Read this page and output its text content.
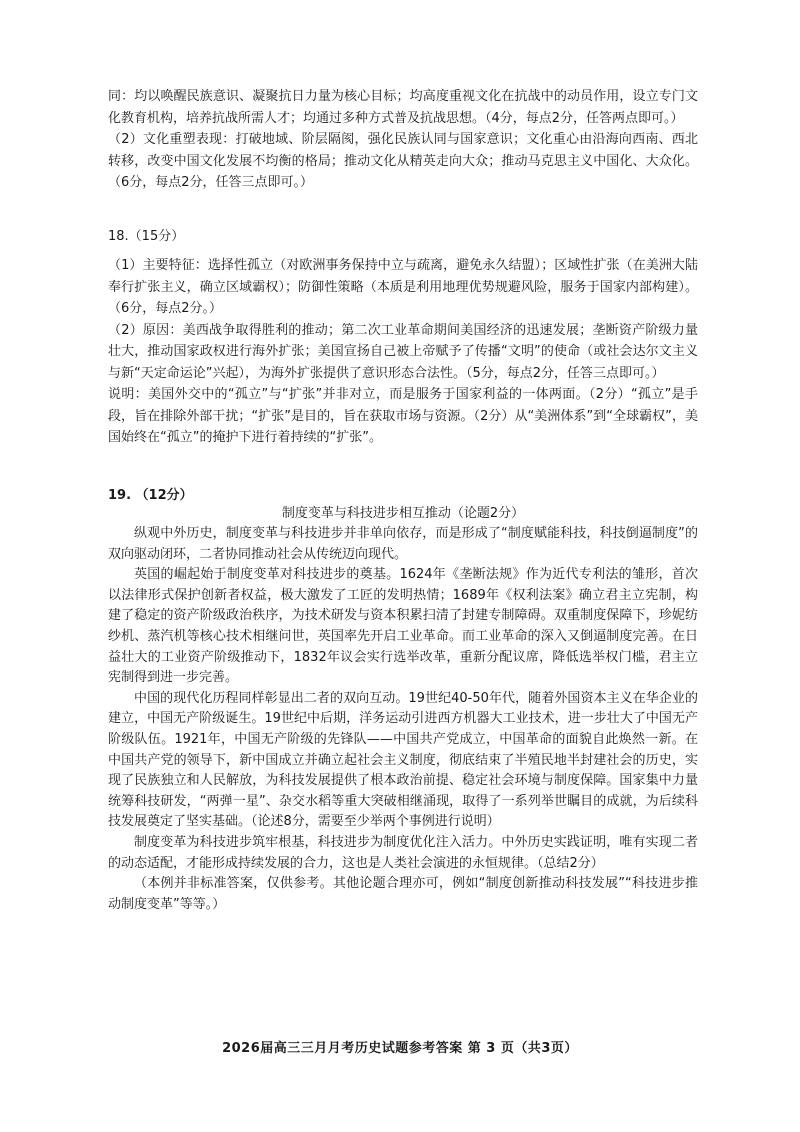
同：均以唤醒民族意识、凝聚抗日力量为核心目标；均高度重视文化在抗战中的动员作用，设立专门文化教育机构，培养抗战所需人才；均通过多种方式普及抗战思想。（4分，每点2分，任答两点即可。）

（2）文化重塑表现：打破地域、阶层隔阂，强化民族认同与国家意识；文化重心由沿海向西南、西北转移，改变中国文化发展不均衡的格局；推动文化从精英走向大众；推动马克思主义中国化、大众化。（6分，每点2分，任答三点即可。）

18.（15分）

（1）主要特征：选择性孤立（对欧洲事务保持中立与疏离，避免永久结盟）；区域性扩张（在美洲大陆奉行扩张主义，确立区域霸权）；防御性策略（本质是利用地理优势规避风险，服务于国家内部构建）。（6分，每点2分。）

（2）原因：美西战争取得胜利的推动；第二次工业革命期间美国经济的迅速发展；垄断资产阶级力量壮大，推动国家政权进行海外扩张；美国宣扬自己被上帝赋予了传播“文明”的使命（或社会达尔文主义与新“天定命运论”兴起），为海外扩张提供了意识形态合法性。（5分，每点2分，任答三点即可。）

说明：美国外交中的“孤立”与“扩张”并非对立，而是服务于国家利益的一体两面。（2分）“孤立”是手段，旨在排除外部干扰；“扩张”是目的，旨在获取市场与资源。（2分）从“美洲体系”到“全球霸权”，美国始终在“孤立”的掩护下进行着持续的“扩张”。

19. （12分）

制度变革与科技进步相互推动（论题2分）

纵观中外历史，制度变革与科技进步并非单向依存，而是形成了“制度赋能科技，科技倒逼制度”的双向驱动闭环，二者协同推动社会从传统迈向现代。

英国的崛起始于制度变革对科技进步的奠基。1624年《垄断法规》作为近代专利法的雏形，首次以法律形式保护创新者权益，极大激发了工匠的发明热情；1689年《权利法案》确立君主立宪制，构建了稳定的资产阶级政治秩序，为技术研发与资本积累扫清了封建专制障碍。双重制度保障下，珍妮纺纱机、蒸汽机等核心技术相继问世，英国率先开启工业革命。而工业革命的深入又倒逼制度完善。在日益壮大的工业资产阶级推动下，1832年议会实行选举改革，重新分配议席，降低选举权门槛，君主立宪制得到进一步完善。

中国的现代化历程同样彰显出二者的双向互动。19世纪40-50年代，随着外国资本主义在华企业的建立，中国无产阶级诞生。19世纪中后期，洋务运动引进西方机器大工业技术，进一步壮大了中国无产阶级队伍。1921年，中国无产阶级的先锋队——中国共产党成立，中国革命的面貌自此焕然一新。在中国共产党的领导下，新中国成立并确立起社会主义制度，彻底结束了半殖民地半封建社会的历史，实现了民族独立和人民解放，为科技发展提供了根本政治前提、稳定社会环境与制度保障。国家集中力量统筹科技研发，“两弹一星”、杂交水稻等重大突破相继涌现，取得了一系列举世瞩目的成就，为后续科技发展奠定了坚实基础。（论述8分，需要至少举两个事例进行说明）

制度变革为科技进步筑牢根基，科技进步为制度优化注入活力。中外历史实践证明，唯有实现二者的动态适配，才能形成持续发展的合力，这也是人类社会演进的永恒规律。（总结2分）

（本例并非标准答案，仅供参考。其他论题合理亦可，例如“制度创新推动科技发展”“科技进步推动制度变革”等等。）

2026届高三三月月考历史试题参考答案 第 3 页（共3页）
